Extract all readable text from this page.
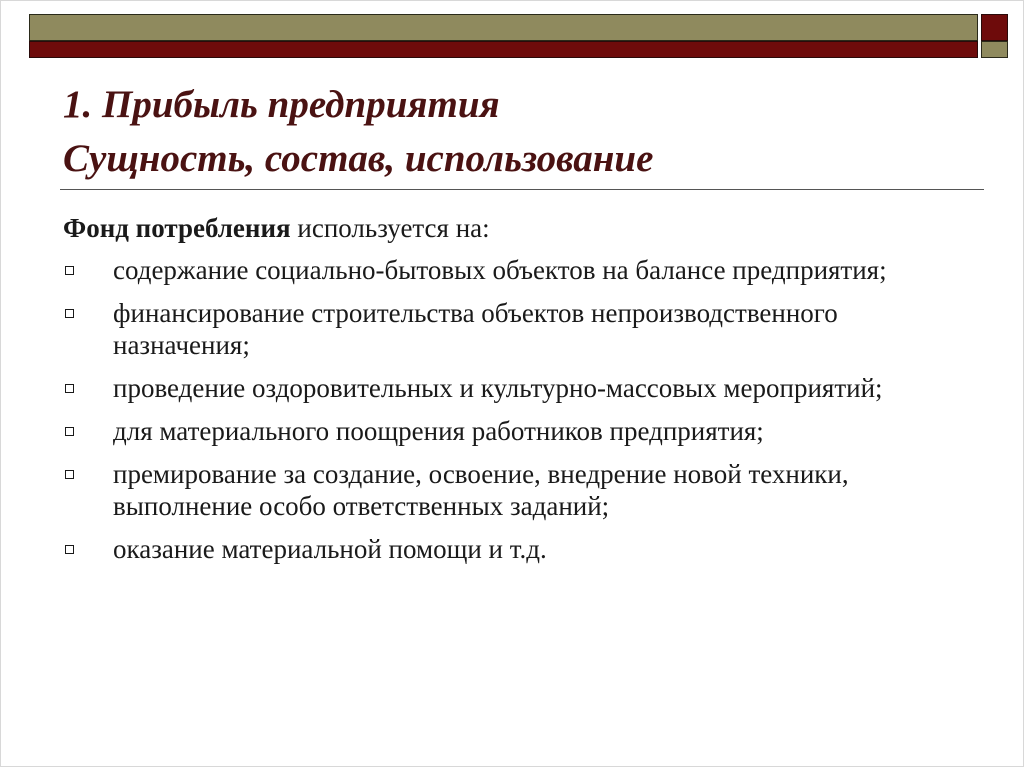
1. Прибыль предприятия
Сущность, состав, использование
Фонд потребления используется на:
содержание социально-бытовых объектов на балансе предприятия;
финансирование строительства объектов непроизводственного назначения;
проведение оздоровительных и культурно-массовых мероприятий;
для материального поощрения работников предприятия;
премирование за создание, освоение, внедрение новой техники, выполнение особо ответственных заданий;
оказание материальной помощи и т.д.
